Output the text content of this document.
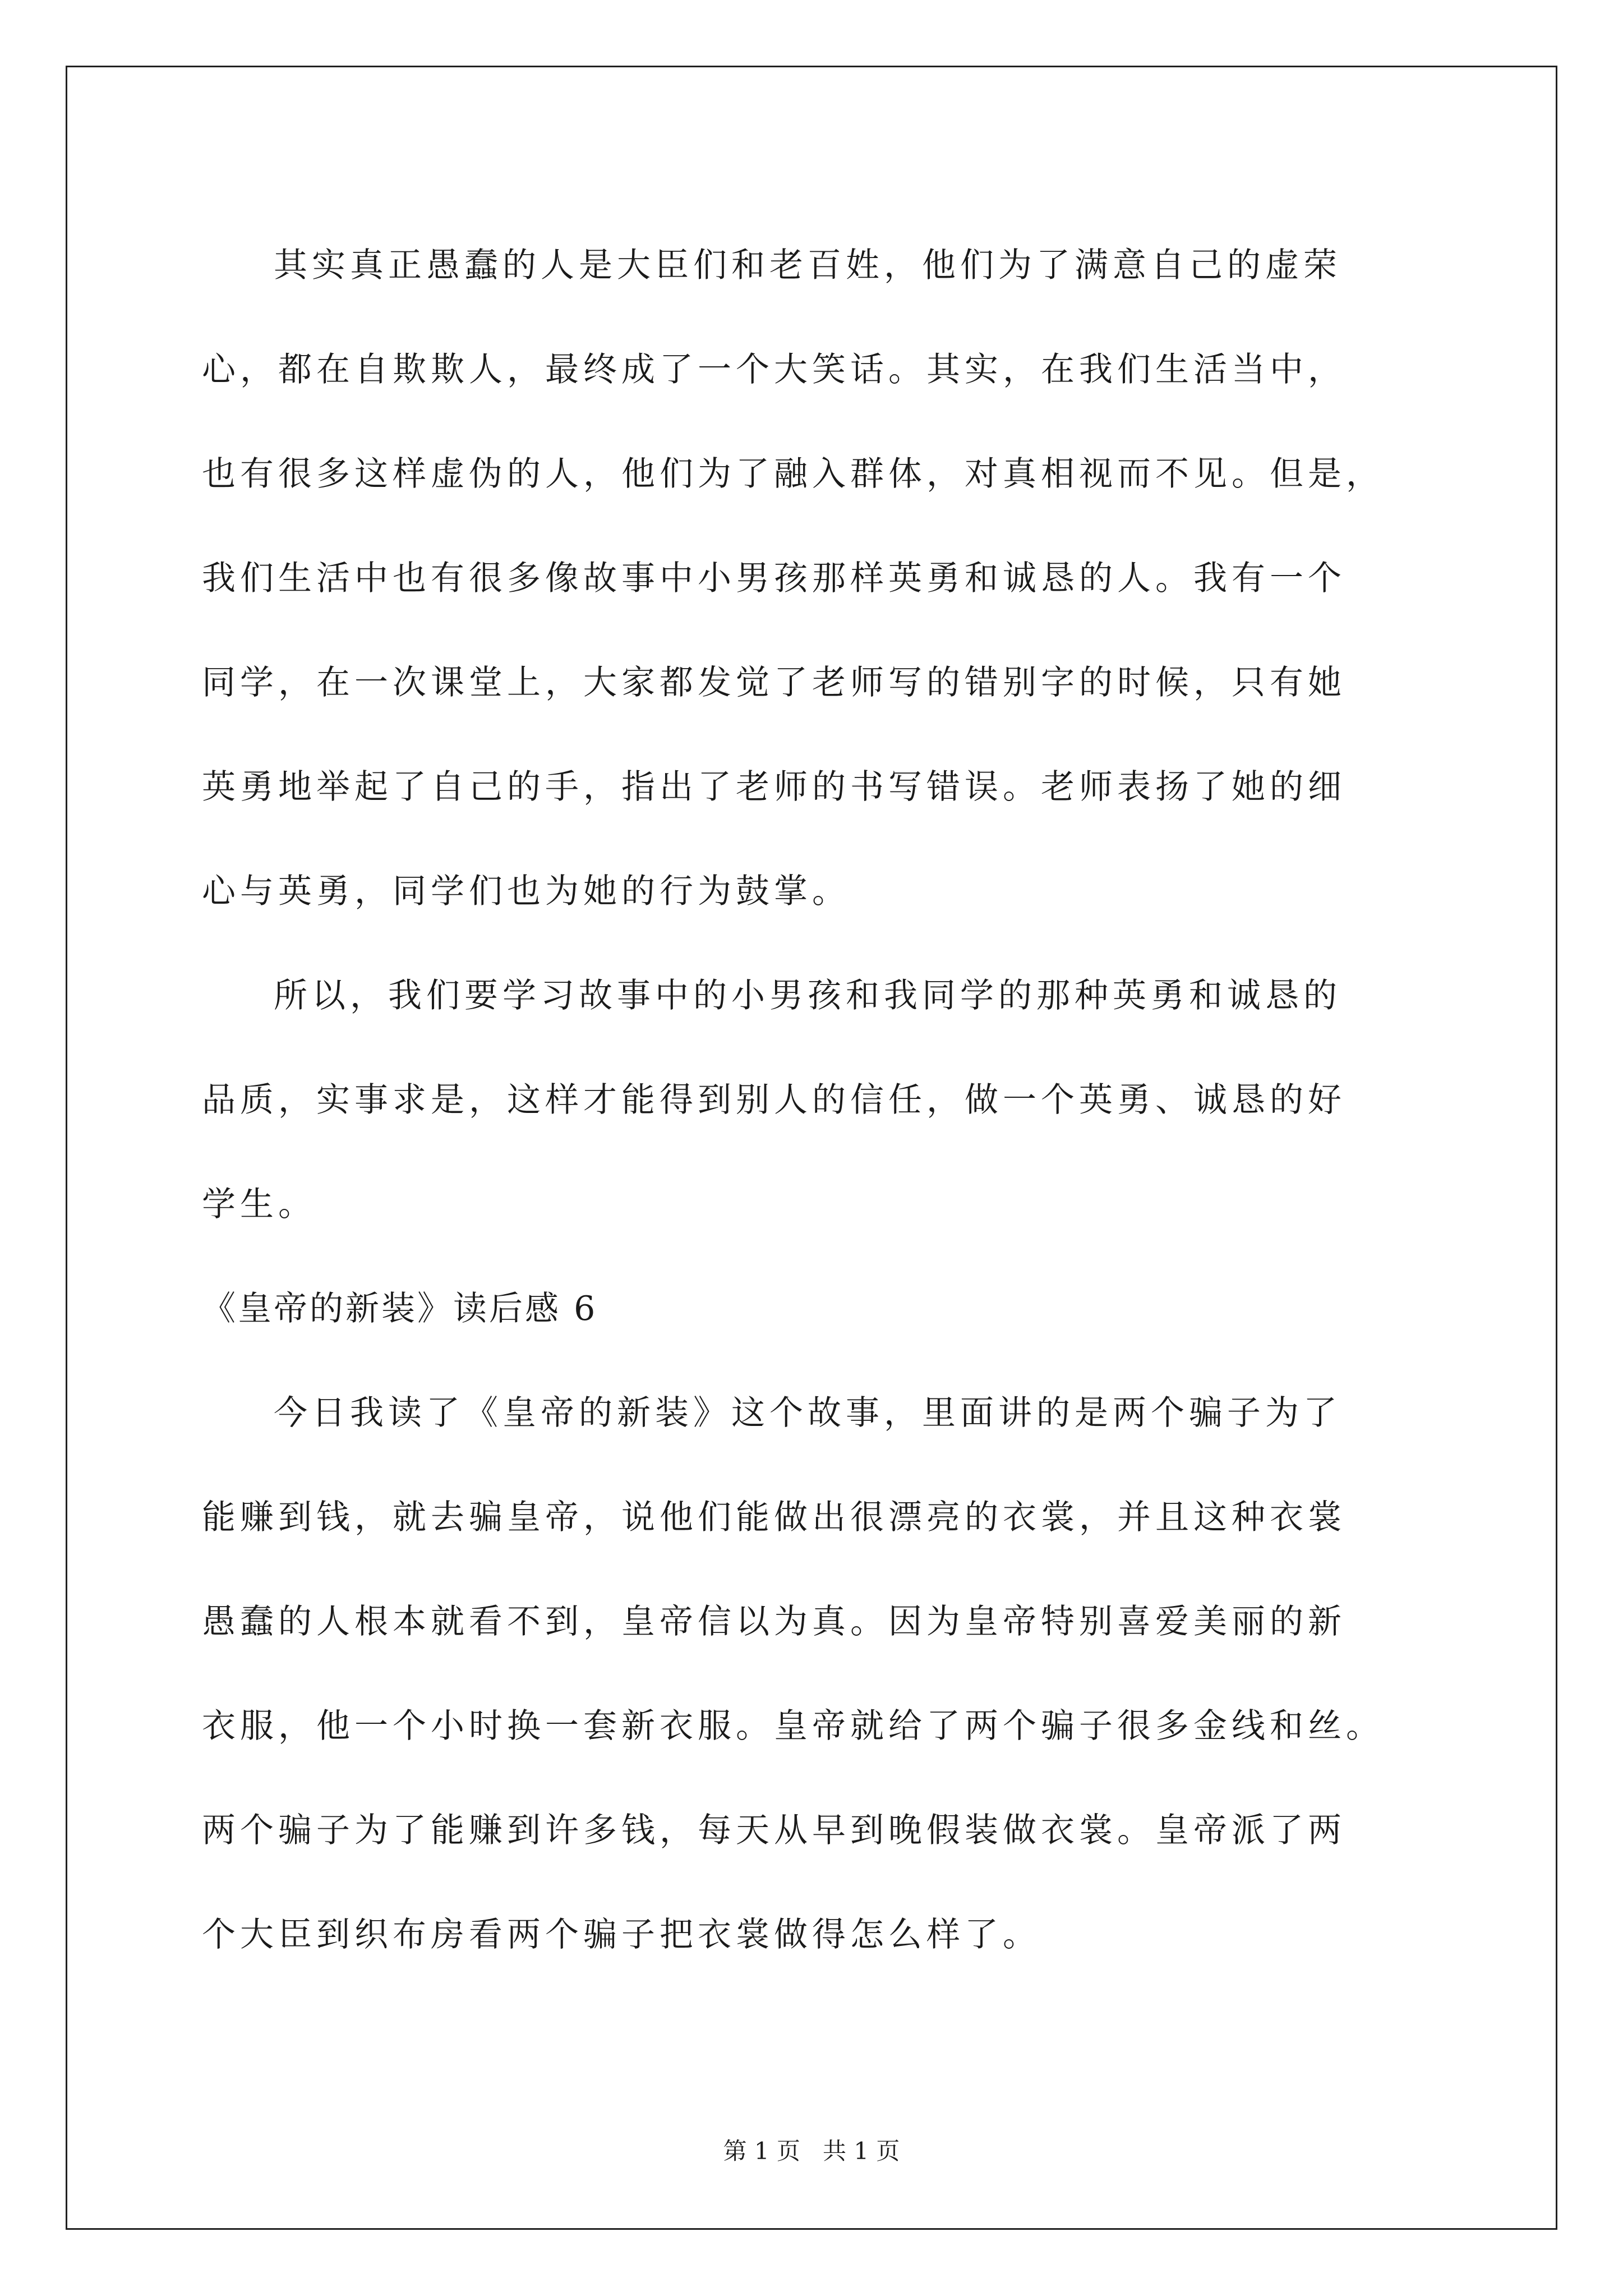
其实真正愚蠢的人是大臣们和老百姓，他们为了满意自己的虚荣
心，都在自欺欺人，最终成了一个大笑话。其实，在我们生活当中，
也有很多这样虚伪的人，他们为了融入群体，对真相视而不见。但是，
我们生活中也有很多像故事中小男孩那样英勇和诚恳的人。我有一个
同学，在一次课堂上，大家都发觉了老师写的错别字的时候，只有她
英勇地举起了自己的手，指出了老师的书写错误。老师表扬了她的细
心与英勇，同学们也为她的行为鼓掌。
所以，我们要学习故事中的小男孩和我同学的那种英勇和诚恳的
品质，实事求是，这样才能得到别人的信任，做一个英勇、诚恳的好
学生。
《皇帝的新装》读后感 6
今日我读了《皇帝的新装》这个故事，里面讲的是两个骗子为了
能赚到钱，就去骗皇帝，说他们能做出很漂亮的衣裳，并且这种衣裳
愚蠢的人根本就看不到，皇帝信以为真。因为皇帝特别喜爱美丽的新
衣服，他一个小时换一套新衣服。皇帝就给了两个骗子很多金线和丝。
两个骗子为了能赚到许多钱，每天从早到晚假装做衣裳。皇帝派了两
个大臣到织布房看两个骗子把衣裳做得怎么样了。
第 1 页 共 1 页
